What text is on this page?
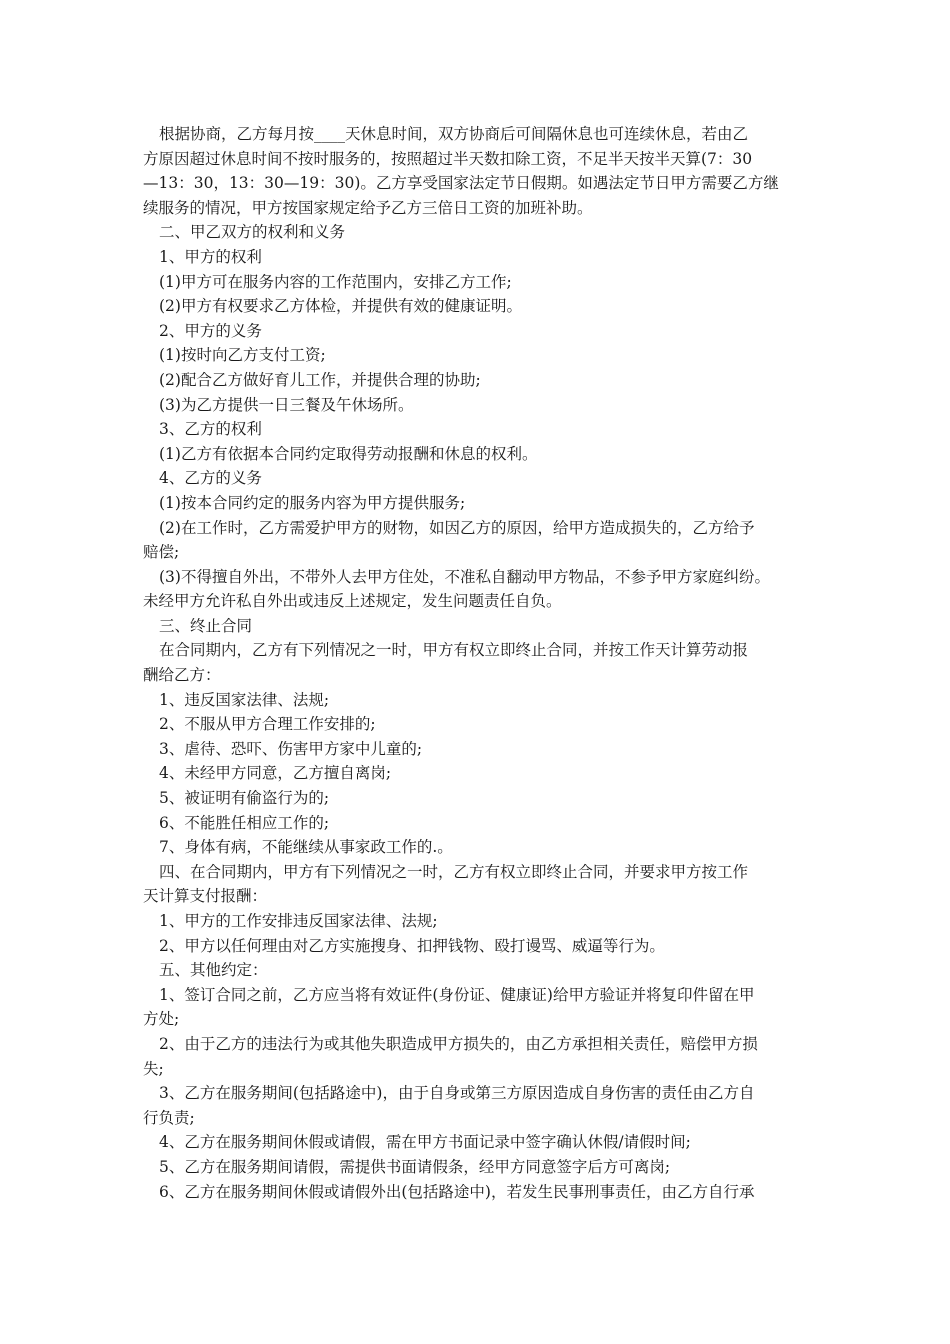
根据协商，乙方每月按____天休息时间，双方协商后可间隔休息也可连续休息，若由乙
方原因超过休息时间不按时服务的，按照超过半天数扣除工资，不足半天按半天算(7：30
—13：30，13：30—19：30)。乙方享受国家法定节日假期。如遇法定节日甲方需要乙方继
续服务的情况，甲方按国家规定给予乙方三倍日工资的加班补助。
二、甲乙双方的权利和义务
1、甲方的权利
(1)甲方可在服务内容的工作范围内，安排乙方工作;
(2)甲方有权要求乙方体检，并提供有效的健康证明。
2、甲方的义务
(1)按时向乙方支付工资;
(2)配合乙方做好育儿工作，并提供合理的协助;
(3)为乙方提供一日三餐及午休场所。
3、乙方的权利
(1)乙方有依据本合同约定取得劳动报酬和休息的权利。
4、乙方的义务
(1)按本合同约定的服务内容为甲方提供服务;
(2)在工作时，乙方需爱护甲方的财物，如因乙方的原因，给甲方造成损失的，乙方给予
赔偿;
(3)不得擅自外出，不带外人去甲方住处，不准私自翻动甲方物品，不参予甲方家庭纠纷。
未经甲方允许私自外出或违反上述规定，发生问题责任自负。
三、终止合同
在合同期内，乙方有下列情况之一时，甲方有权立即终止合同，并按工作天计算劳动报
酬给乙方：
1、违反国家法律、法规;
2、不服从甲方合理工作安排的;
3、虐待、恐吓、伤害甲方家中儿童的;
4、未经甲方同意，乙方擅自离岗;
5、被证明有偷盗行为的;
6、不能胜任相应工作的;
7、身体有病，不能继续从事家政工作的.。
四、在合同期内，甲方有下列情况之一时，乙方有权立即终止合同，并要求甲方按工作
天计算支付报酬：
1、甲方的工作安排违反国家法律、法规;
2、甲方以任何理由对乙方实施搜身、扣押钱物、殴打谩骂、威逼等行为。
五、其他约定：
1、签订合同之前，乙方应当将有效证件(身份证、健康证)给甲方验证并将复印件留在甲
方处;
2、由于乙方的违法行为或其他失职造成甲方损失的，由乙方承担相关责任，赔偿甲方损
失;
3、乙方在服务期间(包括路途中)，由于自身或第三方原因造成自身伤害的责任由乙方自
行负责;
4、乙方在服务期间休假或请假，需在甲方书面记录中签字确认休假/请假时间;
5、乙方在服务期间请假，需提供书面请假条，经甲方同意签字后方可离岗;
6、乙方在服务期间休假或请假外出(包括路途中)，若发生民事刑事责任，由乙方自行承
